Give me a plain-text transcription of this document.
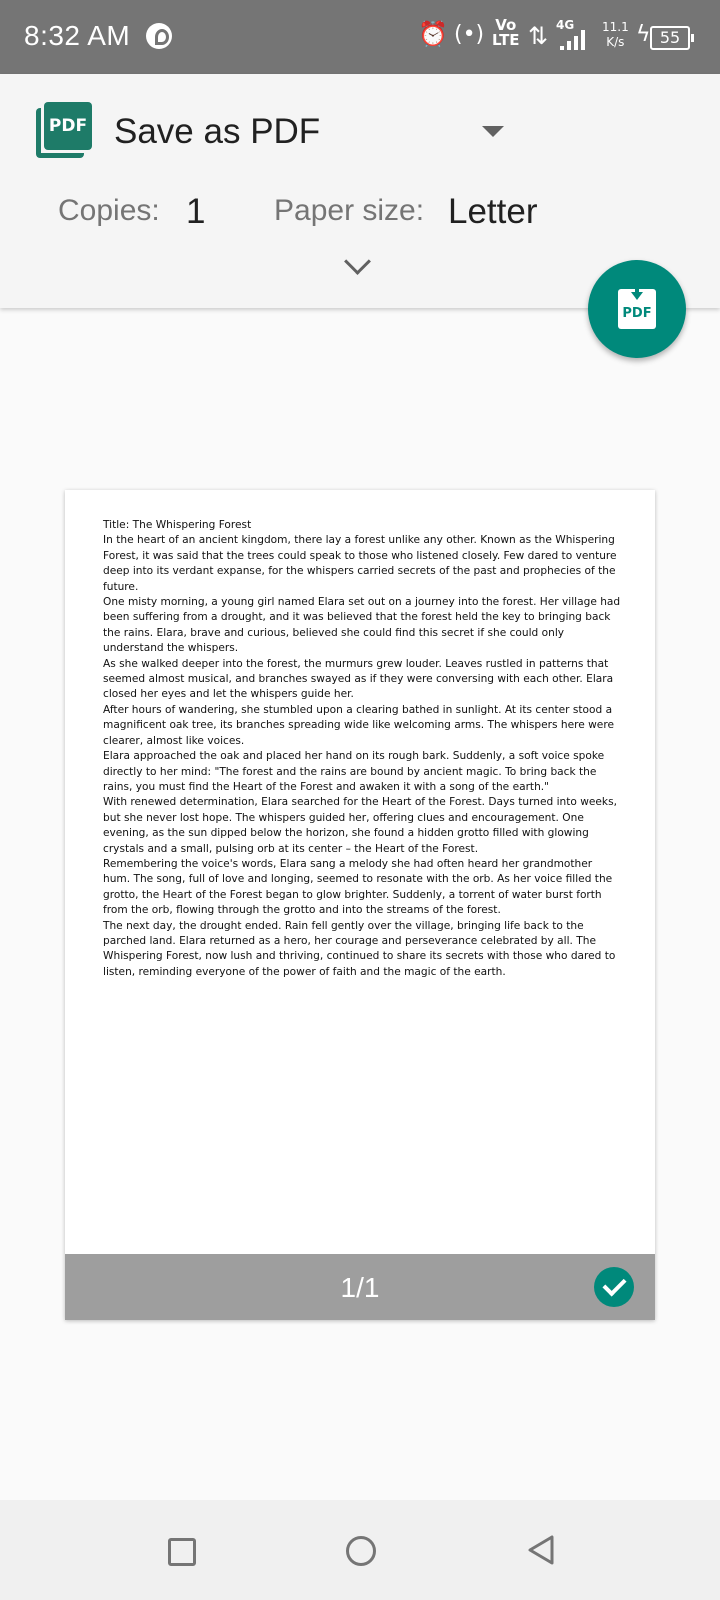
8:32 AM	⏰ (•) Vo
LTE ⇅ 4G 11.1
K/s ϟ 55
PDF Save as PDF
Copies: 1 Paper size: Letter
PDF

Title: The Whispering Forest

In the heart of an ancient kingdom, there lay a forest unlike any other. Known as the Whispering Forest, it was said that the trees could speak to those who listened closely. Few dared to venture deep into its verdant expanse, for the whispers carried secrets of the past and prophecies of the future.

One misty morning, a young girl named Elara set out on a journey into the forest. Her village had been suffering from a drought, and it was believed that the forest held the key to bringing back the rains. Elara, brave and curious, believed she could find this secret if she could only understand the whispers.

As she walked deeper into the forest, the murmurs grew louder. Leaves rustled in patterns that seemed almost musical, and branches swayed as if they were conversing with each other. Elara closed her eyes and let the whispers guide her.

After hours of wandering, she stumbled upon a clearing bathed in sunlight. At its center stood a magnificent oak tree, its branches spreading wide like welcoming arms. The whispers here were clearer, almost like voices.

Elara approached the oak and placed her hand on its rough bark. Suddenly, a soft voice spoke directly to her mind: "The forest and the rains are bound by ancient magic. To bring back the rains, you must find the Heart of the Forest and awaken it with a song of the earth."

With renewed determination, Elara searched for the Heart of the Forest. Days turned into weeks, but she never lost hope. The whispers guided her, offering clues and encouragement. One evening, as the sun dipped below the horizon, she found a hidden grotto filled with glowing crystals and a small, pulsing orb at its center – the Heart of the Forest.

Remembering the voice's words, Elara sang a melody she had often heard her grandmother hum. The song, full of love and longing, seemed to resonate with the orb. As her voice filled the grotto, the Heart of the Forest began to glow brighter. Suddenly, a torrent of water burst forth from the orb, flowing through the grotto and into the streams of the forest.

The next day, the drought ended. Rain fell gently over the village, bringing life back to the parched land. Elara returned as a hero, her courage and perseverance celebrated by all. The Whispering Forest, now lush and thriving, continued to share its secrets with those who dared to listen, reminding everyone of the power of faith and the magic of the earth.

1/1
